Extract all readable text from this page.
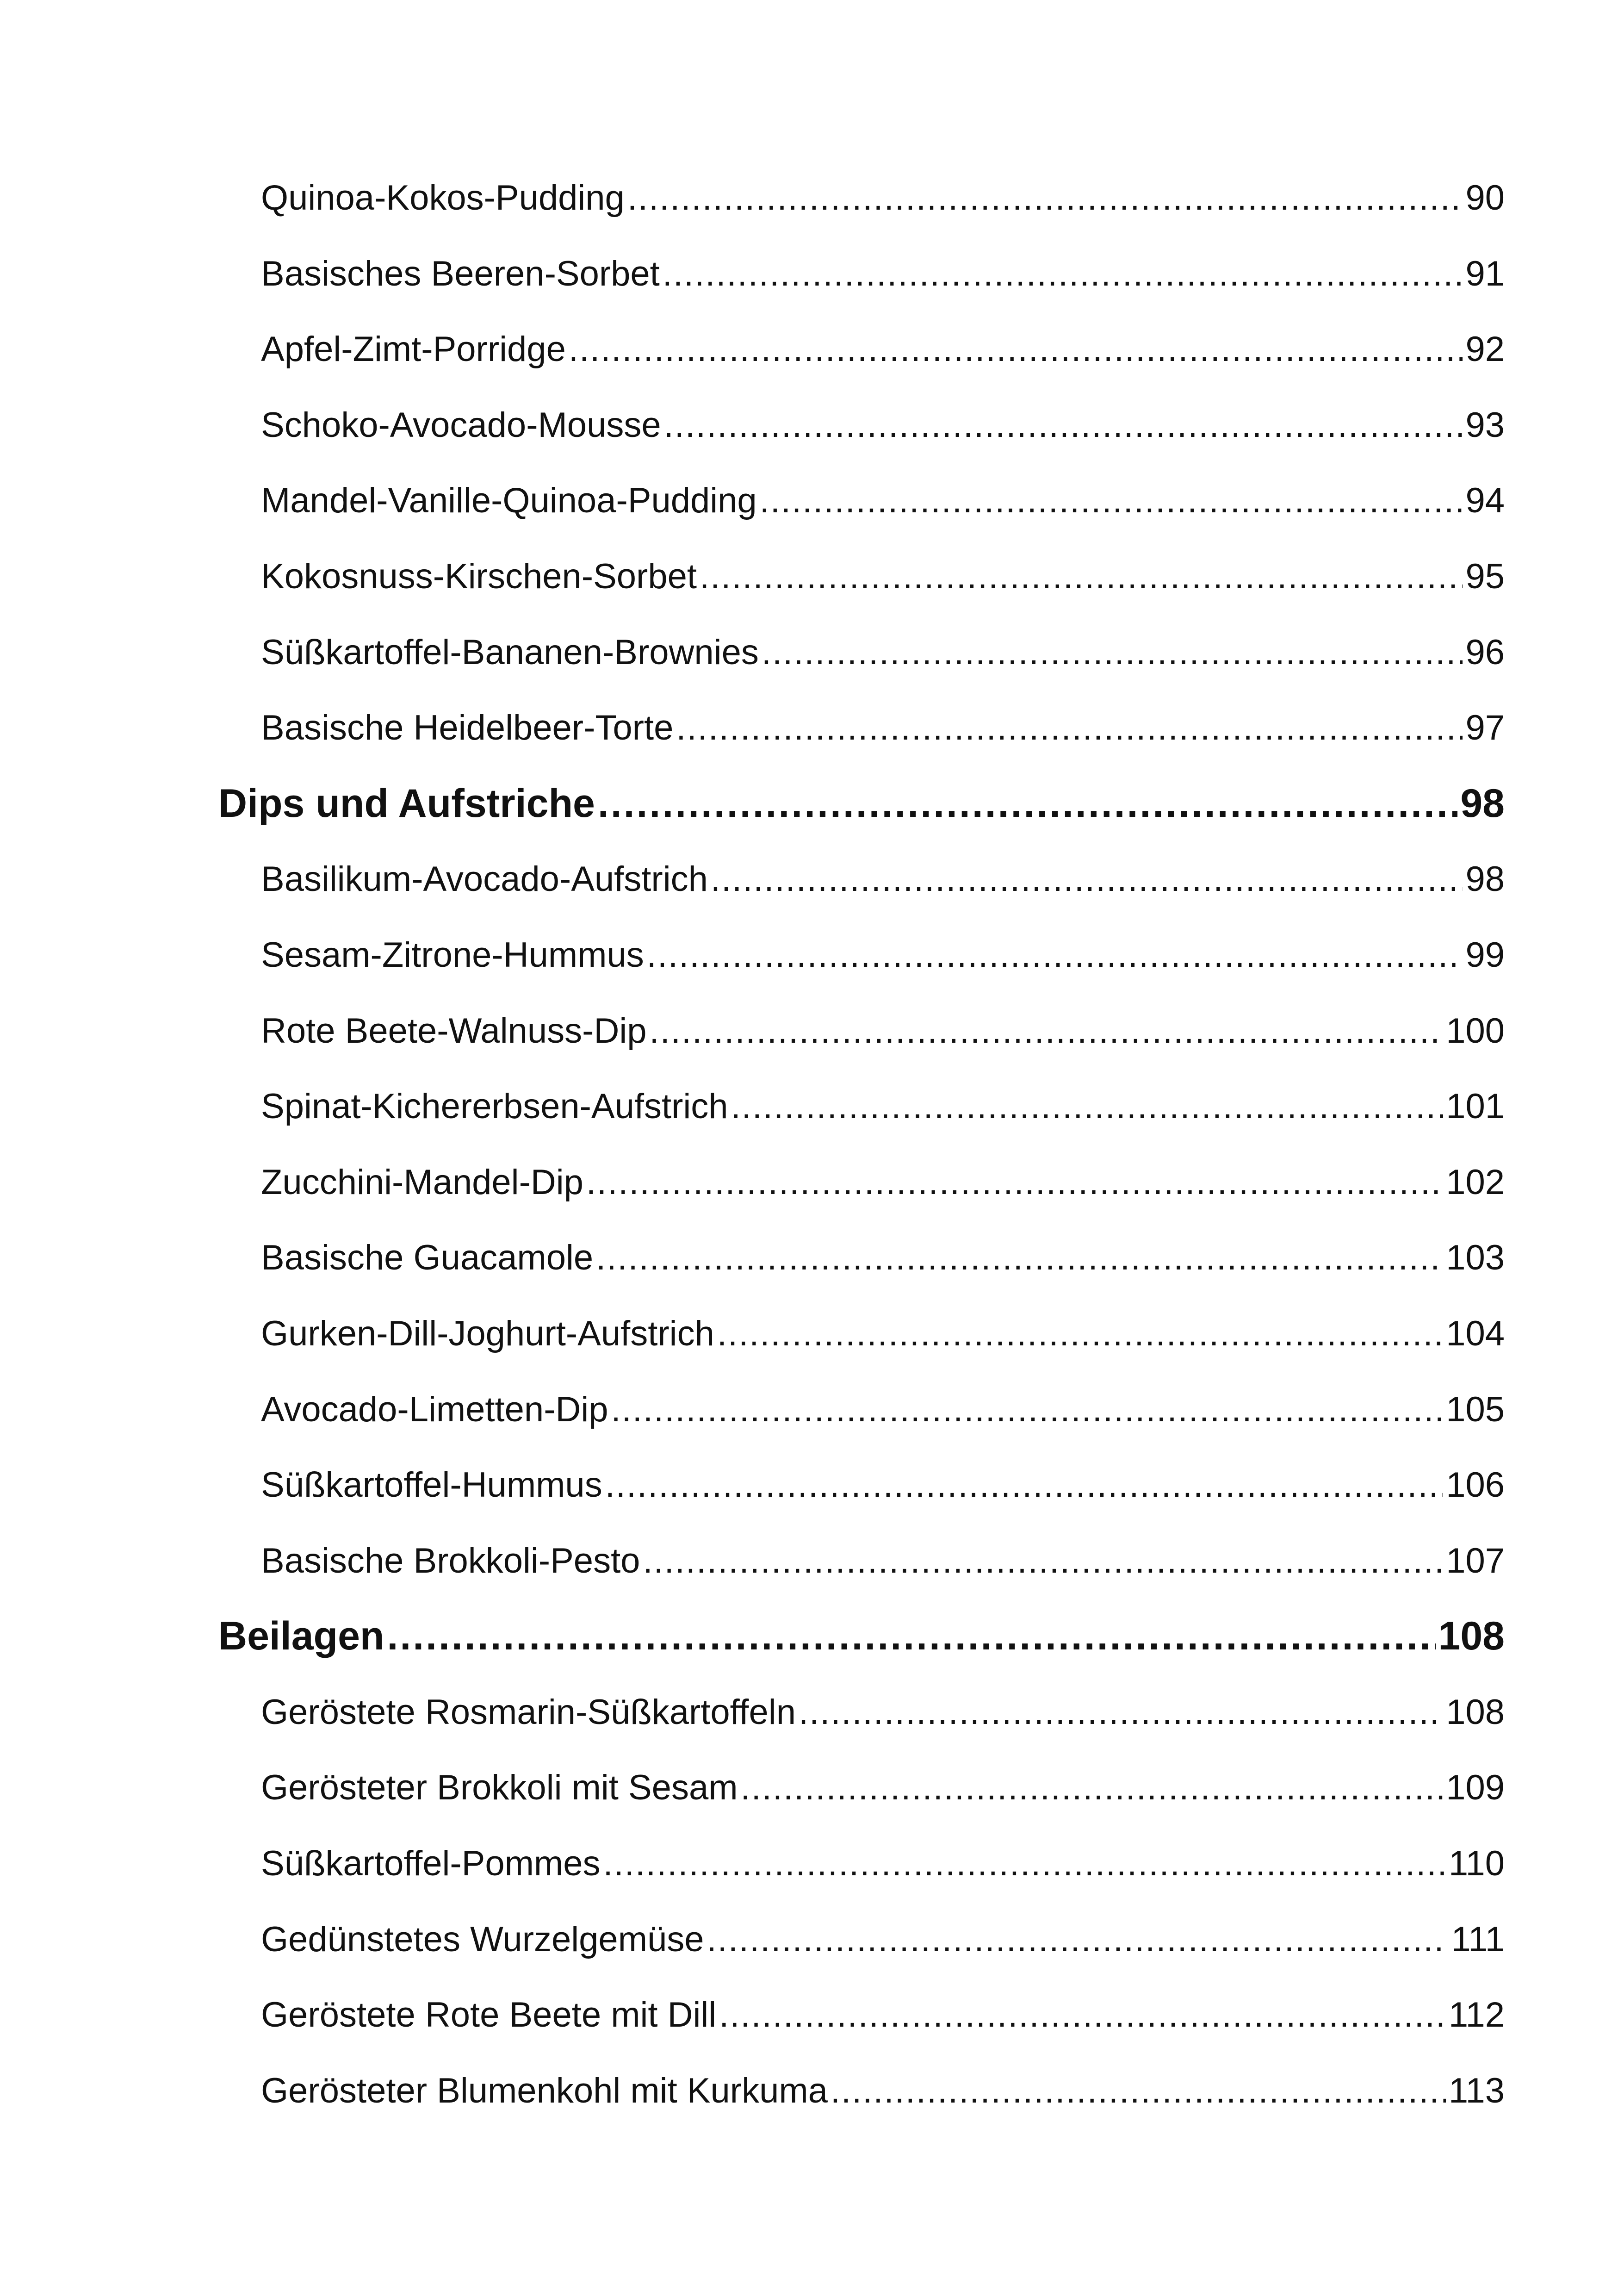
Quinoa-Kokos-Pudding .....	90
Basisches Beeren-Sorbet .....	91
Apfel-Zimt-Porridge .....	92
Schoko-Avocado-Mousse .....	93
Mandel-Vanille-Quinoa-Pudding .....	94
Kokosnuss-Kirschen-Sorbet .....	95
Süßkartoffel-Bananen-Brownies .....	96
Basische Heidelbeer-Torte .....	97
Dips und Aufstriche .....	98
Basilikum-Avocado-Aufstrich .....	98
Sesam-Zitrone-Hummus .....	99
Rote Beete-Walnuss-Dip .....	100
Spinat-Kichererbsen-Aufstrich .....	101
Zucchini-Mandel-Dip .....	102
Basische Guacamole .....	103
Gurken-Dill-Joghurt-Aufstrich .....	104
Avocado-Limetten-Dip .....	105
Süßkartoffel-Hummus .....	106
Basische Brokkoli-Pesto .....	107
Beilagen .....	108
Geröstete Rosmarin-Süßkartoffeln .....	108
Gerösteter Brokkoli mit Sesam .....	109
Süßkartoffel-Pommes .....	110
Gedünstetes Wurzelgemüse .....	111
Geröstete Rote Beete mit Dill .....	112
Gerösteter Blumenkohl mit Kurkuma .....	113
